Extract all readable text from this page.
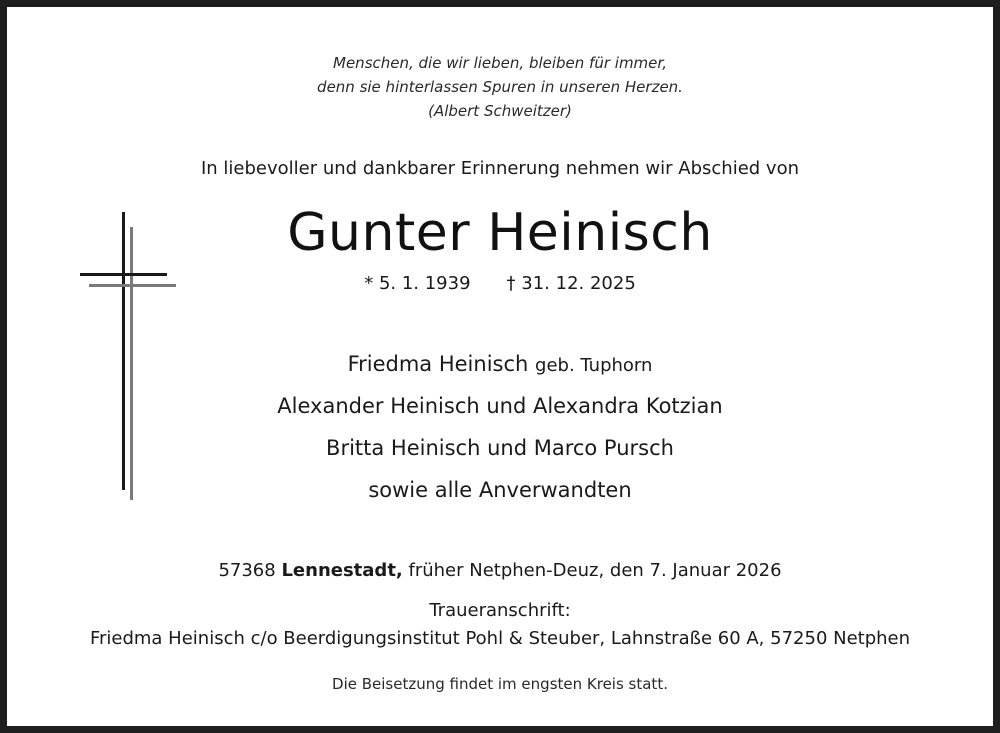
Menschen, die wir lieben, bleiben für immer,
denn sie hinterlassen Spuren in unseren Herzen.
(Albert Schweitzer)
In liebevoller und dankbarer Erinnerung nehmen wir Abschied von
Gunter Heinisch
* 5. 1. 1939 † 31. 12. 2025
Friedma Heinisch geb. Tuphorn
Alexander Heinisch und Alexandra Kotzian
Britta Heinisch und Marco Pursch
sowie alle Anverwandten
57368 Lennestadt, früher Netphen-Deuz, den 7. Januar 2026
Traueranschrift:
Friedma Heinisch c/o Beerdigungsinstitut Pohl & Steuber, Lahnstraße 60 A, 57250 Netphen
Die Beisetzung findet im engsten Kreis statt.
